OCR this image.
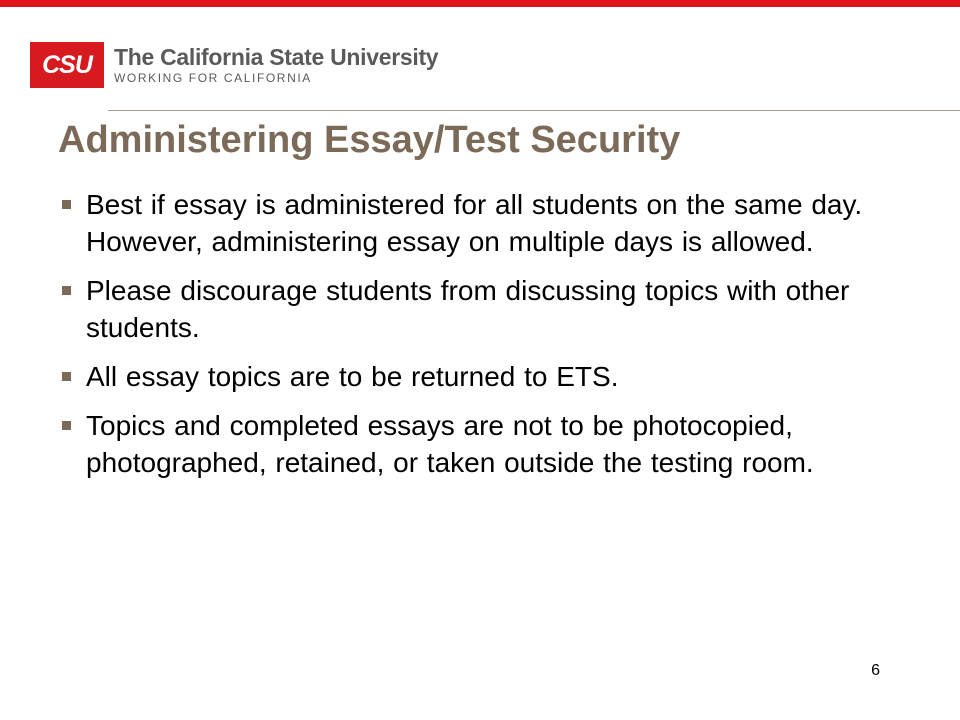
CSU The California State University
WORKING FOR CALIFORNIA
Administering Essay/Test Security
Best if essay is administered for all students on the same day. However, administering essay on multiple days is allowed.
Please discourage students from discussing topics with other students.
All essay topics are to be returned to ETS.
Topics and completed essays are not to be photocopied, photographed, retained, or taken outside the testing room.
6
